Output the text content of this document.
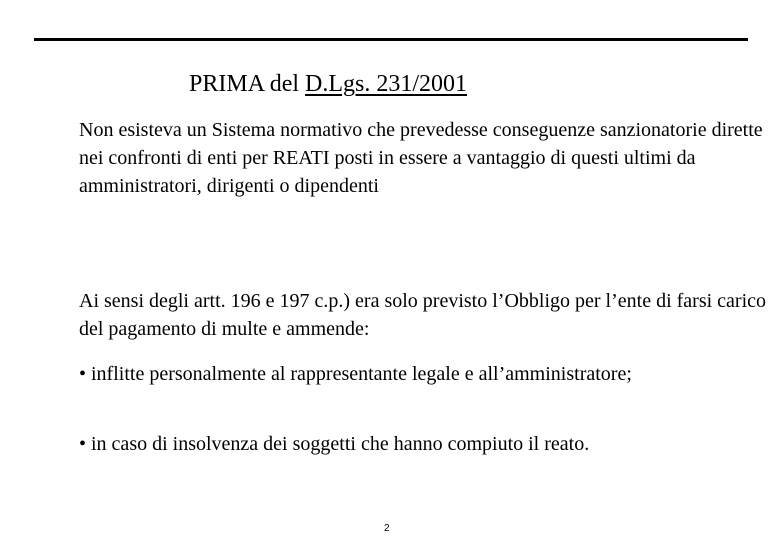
PRIMA del D.Lgs. 231/2001
Non esisteva un Sistema normativo che prevedesse conseguenze sanzionatorie dirette nei confronti di enti per REATI posti in essere a vantaggio di questi ultimi da amministratori, dirigenti o dipendenti
Ai sensi degli artt. 196 e 197 c.p.) era solo previsto l’Obbligo per l’ente di farsi carico del pagamento di multe e ammende:
• inflitte personalmente al rappresentante legale e all’amministratore;
• in caso di insolvenza dei soggetti che hanno compiuto il reato.
2
